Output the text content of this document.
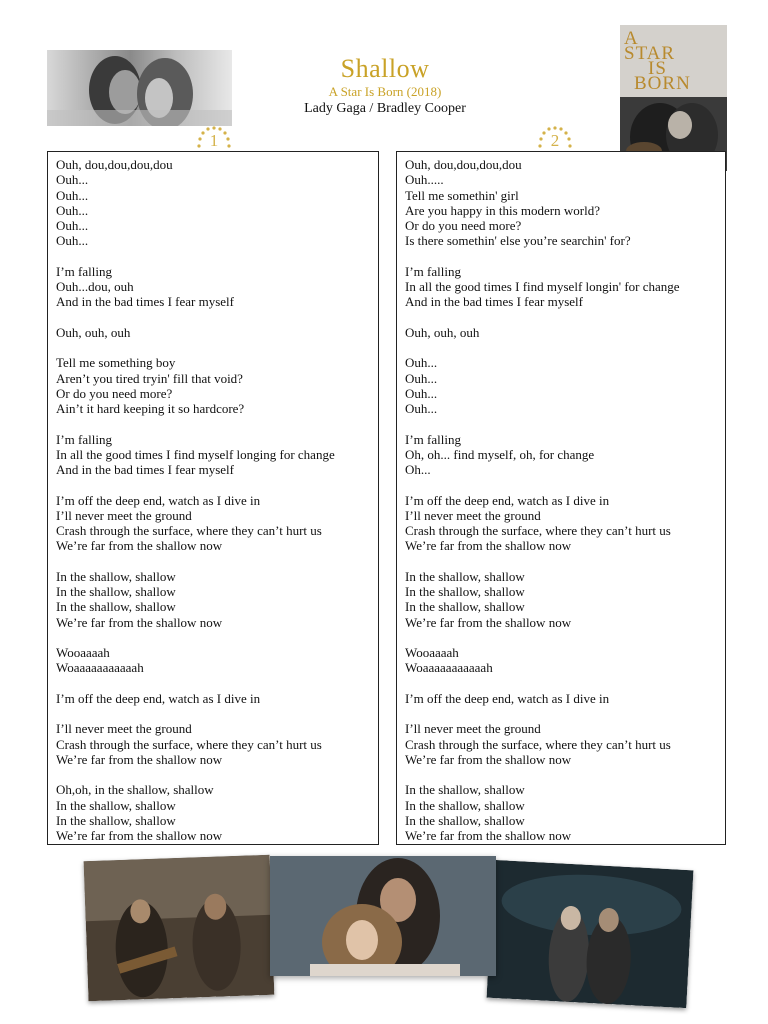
Shallow
A Star Is Born (2018)
Lady Gaga / Bradley Cooper
A
STAR
IS
BORN
1	2
Ouh, dou,dou,dou,dou
Ouh...
Ouh...
Ouh...
Ouh...
Ouh...
I’m falling
Ouh...dou, ouh
And in the bad times I fear myself
Ouh, ouh, ouh
Tell me something boy
Aren’t you tired tryin' fill that void?
Or do you need more?
Ain’t it hard keeping it so hardcore?
I’m falling
In all the good times I find myself longing for change
And in the bad times I fear myself
I’m off the deep end, watch as I dive in
I’ll never meet the ground
Crash through the surface, where they can’t hurt us
We’re far from the shallow now
In the shallow, shallow
In the shallow, shallow
In the shallow, shallow
We’re far from the shallow now
Wooaaaah
Woaaaaaaaaaaah
I’m off the deep end, watch as I dive in
I’ll never meet the ground
Crash through the surface, where they can’t hurt us
We’re far from the shallow now
Oh,oh, in the shallow, shallow
In the shallow, shallow
In the shallow, shallow
We’re far from the shallow now
Ouh, dou,dou,dou,dou
Ouh.....
Tell me somethin' girl
Are you happy in this modern world?
Or do you need more?
Is there somethin' else you’re searchin' for?
I’m falling
In all the good times I find myself longin' for change
And in the bad times I fear myself
Ouh, ouh, ouh
Ouh...
Ouh...
Ouh...
Ouh...
I’m falling
Oh, oh... find myself, oh, for change
Oh...
I’m off the deep end, watch as I dive in
I’ll never meet the ground
Crash through the surface, where they can’t hurt us
We’re far from the shallow now
In the shallow, shallow
In the shallow, shallow
In the shallow, shallow
We’re far from the shallow now
Wooaaaah
Woaaaaaaaaaaah
I’m off the deep end, watch as I dive in
I’ll never meet the ground
Crash through the surface, where they can’t hurt us
We’re far from the shallow now
In the shallow, shallow
In the shallow, shallow
In the shallow, shallow
We’re far from the shallow now
